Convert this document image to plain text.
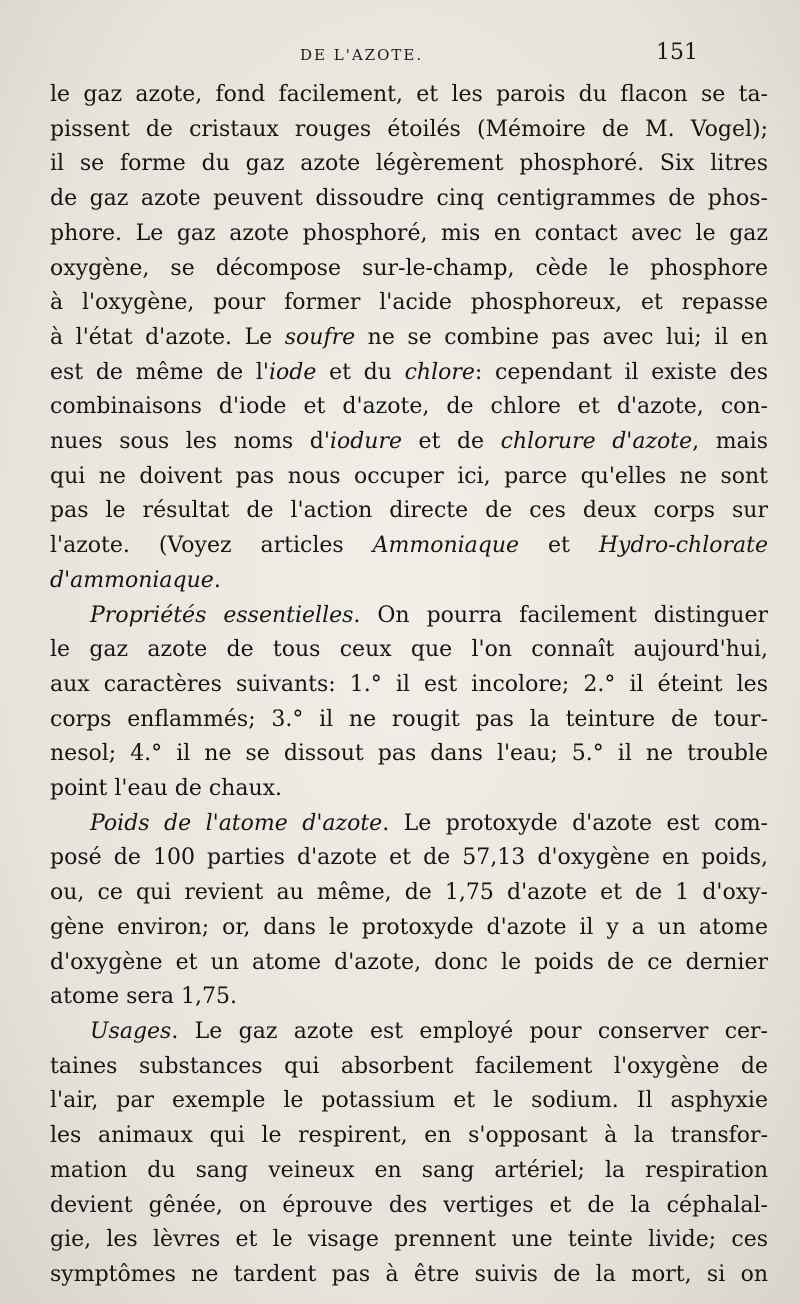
DE L'AZOTE.	151
le gaz azote, fond facilement, et les parois du flacon se ta-
pissent de cristaux rouges étoilés (Mémoire de M. Vogel);
il se forme du gaz azote légèrement phosphoré. Six litres
de gaz azote peuvent dissoudre cinq centigrammes de phos-
phore. Le gaz azote phosphoré, mis en contact avec le gaz
oxygène, se décompose sur-le-champ, cède le phosphore
à l'oxygène, pour former l'acide phosphoreux, et repasse
à l'état d'azote. Le soufre ne se combine pas avec lui; il en
est de même de l'iode et du chlore: cependant il existe des
combinaisons d'iode et d'azote, de chlore et d'azote, con-
nues sous les noms d'iodure et de chlorure d'azote, mais
qui ne doivent pas nous occuper ici, parce qu'elles ne sont
pas le résultat de l'action directe de ces deux corps sur
l'azote. (Voyez articles Ammoniaque et Hydro-chlorate
d'ammoniaque.
Propriétés essentielles. On pourra facilement distinguer
le gaz azote de tous ceux que l'on connaît aujourd'hui,
aux caractères suivants: 1.° il est incolore; 2.° il éteint les
corps enflammés; 3.° il ne rougit pas la teinture de tour-
nesol; 4.° il ne se dissout pas dans l'eau; 5.° il ne trouble
point l'eau de chaux.
Poids de l'atome d'azote. Le protoxyde d'azote est com-
posé de 100 parties d'azote et de 57,13 d'oxygène en poids,
ou, ce qui revient au même, de 1,75 d'azote et de 1 d'oxy-
gène environ; or, dans le protoxyde d'azote il y a un atome
d'oxygène et un atome d'azote, donc le poids de ce dernier
atome sera 1,75.
Usages. Le gaz azote est employé pour conserver cer-
taines substances qui absorbent facilement l'oxygène de
l'air, par exemple le potassium et le sodium. Il asphyxie
les animaux qui le respirent, en s'opposant à la transfor-
mation du sang veineux en sang artériel; la respiration
devient gênée, on éprouve des vertiges et de la céphalal-
gie, les lèvres et le visage prennent une teinte livide; ces
symptômes ne tardent pas à être suivis de la mort, si on
